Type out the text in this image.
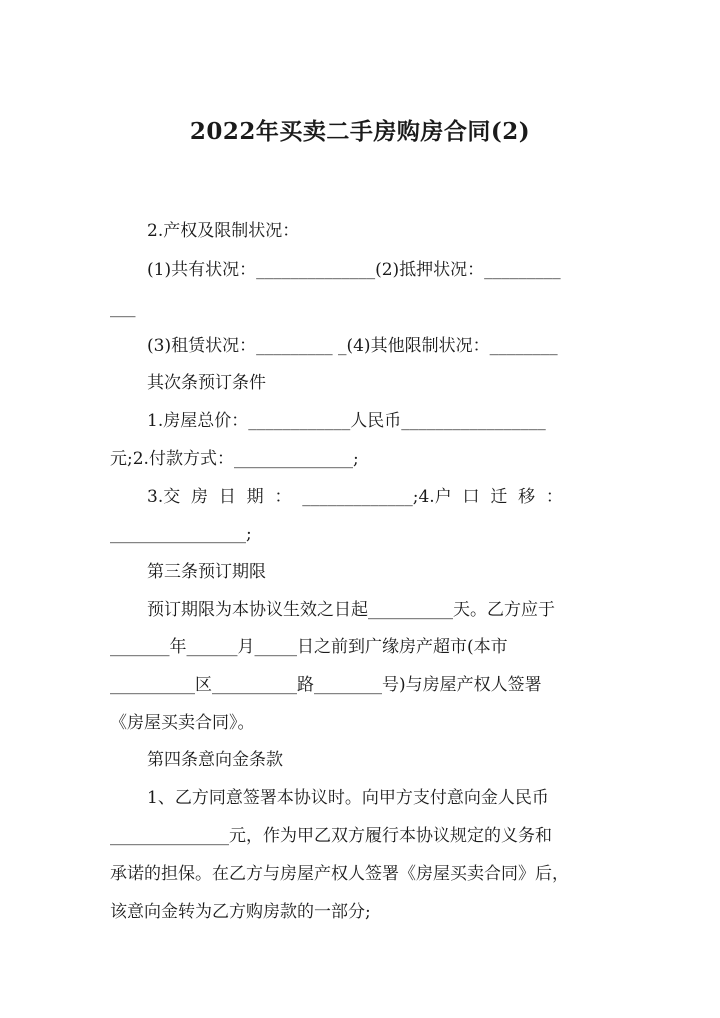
2022年买卖二手房购房合同(2)
2.产权及限制状况：
(1)共有状况：______________(2)抵押状况：_________
___
(3)租赁状况：_________ _(4)其他限制状况：________
其次条预订条件
1.房屋总价：____________人民币_________________
元;2.付款方式：______________;
3.交  房  日  期  ：  _____________;4.户  口  迁  移  ：
________________;
第三条预订期限
预订期限为本协议生效之日起__________天。乙方应于
_______年______月_____日之前到广缘房产超市(本市
__________区__________路________号)与房屋产权人签署
《房屋买卖合同》。
第四条意向金条款
1、乙方同意签署本协议时。向甲方支付意向金人民币
______________元，作为甲乙双方履行本协议规定的义务和
承诺的担保。在乙方与房屋产权人签署《房屋买卖合同》后，
该意向金转为乙方购房款的一部分;
